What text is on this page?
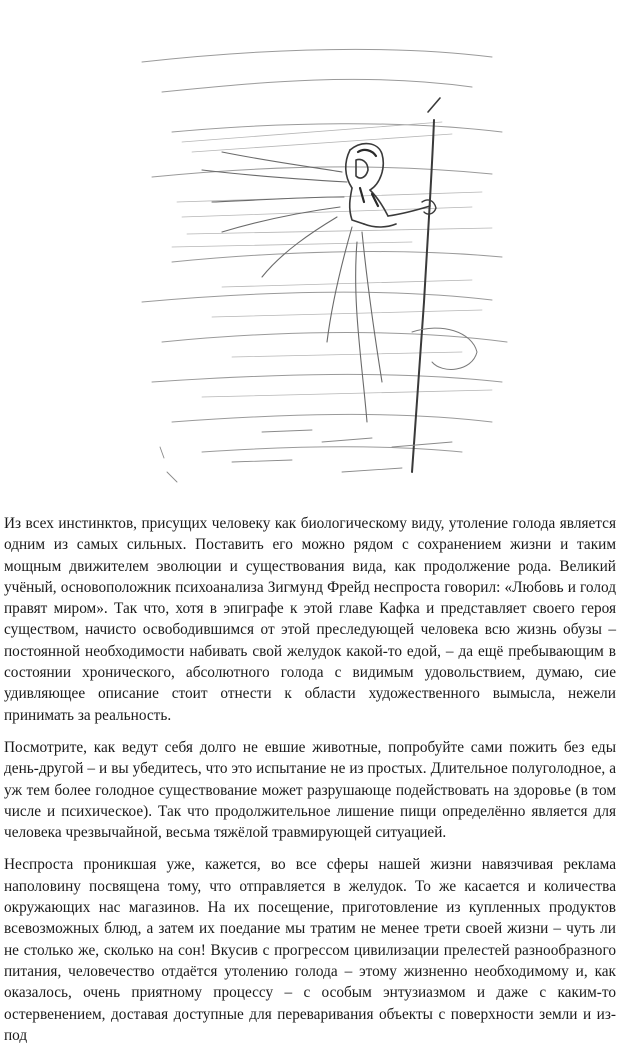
Из всех инстинктов, присущих человеку как биологическому виду, утоление голода является одним из самых сильных. Поставить его можно рядом с сохранением жизни и таким мощным движителем эволюции и существования вида, как продолжение рода. Великий учёный, основоположник психоанализа Зигмунд Фрейд неспроста говорил: «Любовь и голод правят миром». Так что, хотя в эпиграфе к этой главе Кафка и представляет своего героя существом, начисто освободившимся от этой преследующей человека всю жизнь обузы – постоянной необходимости набивать свой желудок какой-то едой, – да ещё пребывающим в состоянии хронического, абсолютного голода с видимым удовольствием, думаю, сие удивляющее описание стоит отнести к области художественного вымысла, нежели принимать за реальность.

Посмотрите, как ведут себя долго не евшие животные, попробуйте сами пожить без еды день-другой – и вы убедитесь, что это испытание не из простых. Длительное полуголодное, а уж тем более голодное существование может разрушающе подействовать на здоровье (в том числе и психическое). Так что продолжительное лишение пищи определённо является для человека чрезвычайной, весьма тяжёлой травмирующей ситуацией.

Неспроста проникшая уже, кажется, во все сферы нашей жизни навязчивая реклама наполовину посвящена тому, что отправляется в желудок. То же касается и количества окружающих нас магазинов. На их посещение, приготовление из купленных продуктов всевозможных блюд, а затем их поедание мы тратим не менее трети своей жизни – чуть ли не столько же, сколько на сон! Вкусив с прогрессом цивилизации прелестей разнообразного питания, человечество отдаётся утолению голода – этому жизненно необходимому и, как оказалось, очень приятному процессу – с особым энтузиазмом и даже с каким-то остервенением, доставая доступные для переваривания объекты с поверхности земли и из-под
